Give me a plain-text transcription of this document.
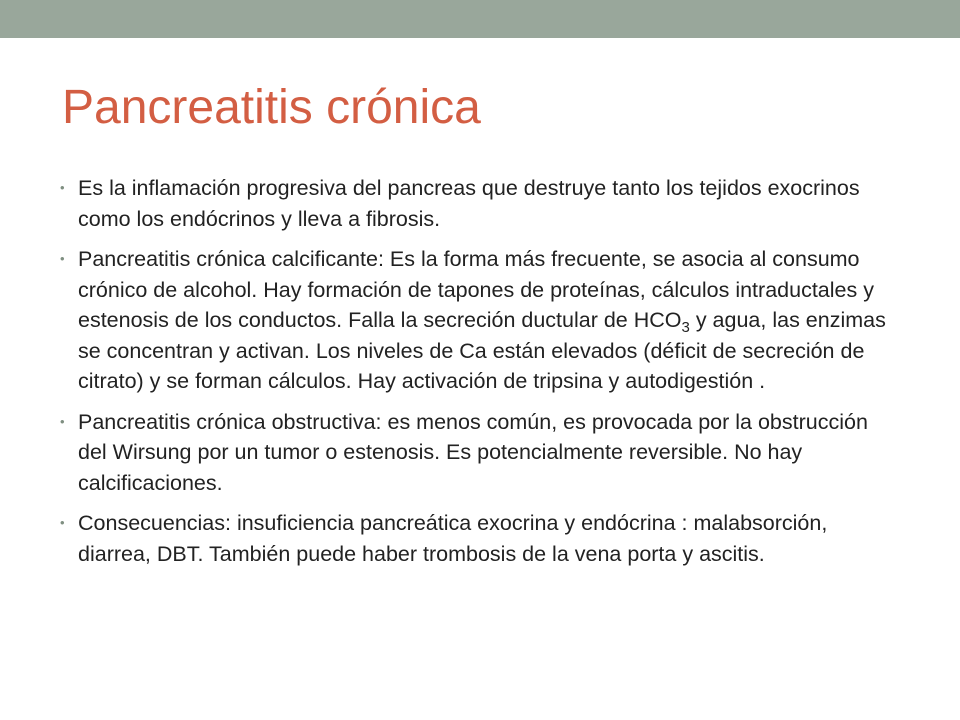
Pancreatitis crónica
• Es la inflamación progresiva del pancreas que destruye tanto los tejidos exocrinos como los endócrinos y lleva a fibrosis.
• Pancreatitis crónica calcificante: Es la forma más frecuente, se asocia al consumo crónico de alcohol. Hay formación de tapones de proteínas, cálculos intraductales y estenosis de los conductos. Falla la secreción ductular de $HCO_3$ y agua, las enzimas se concentran y activan. Los niveles de Ca están elevados (déficit de secreción de citrato) y se forman cálculos. Hay activación de tripsina y autodigestión .
• Pancreatitis crónica obstructiva: es menos común, es provocada por la obstrucción del Wirsung por un tumor o estenosis. Es potencialmente reversible. No hay calcificaciones.
• Consecuencias: insuficiencia pancreática exocrina y endócrina : malabsorción, diarrea, DBT. También puede haber trombosis de la vena porta y ascitis.
